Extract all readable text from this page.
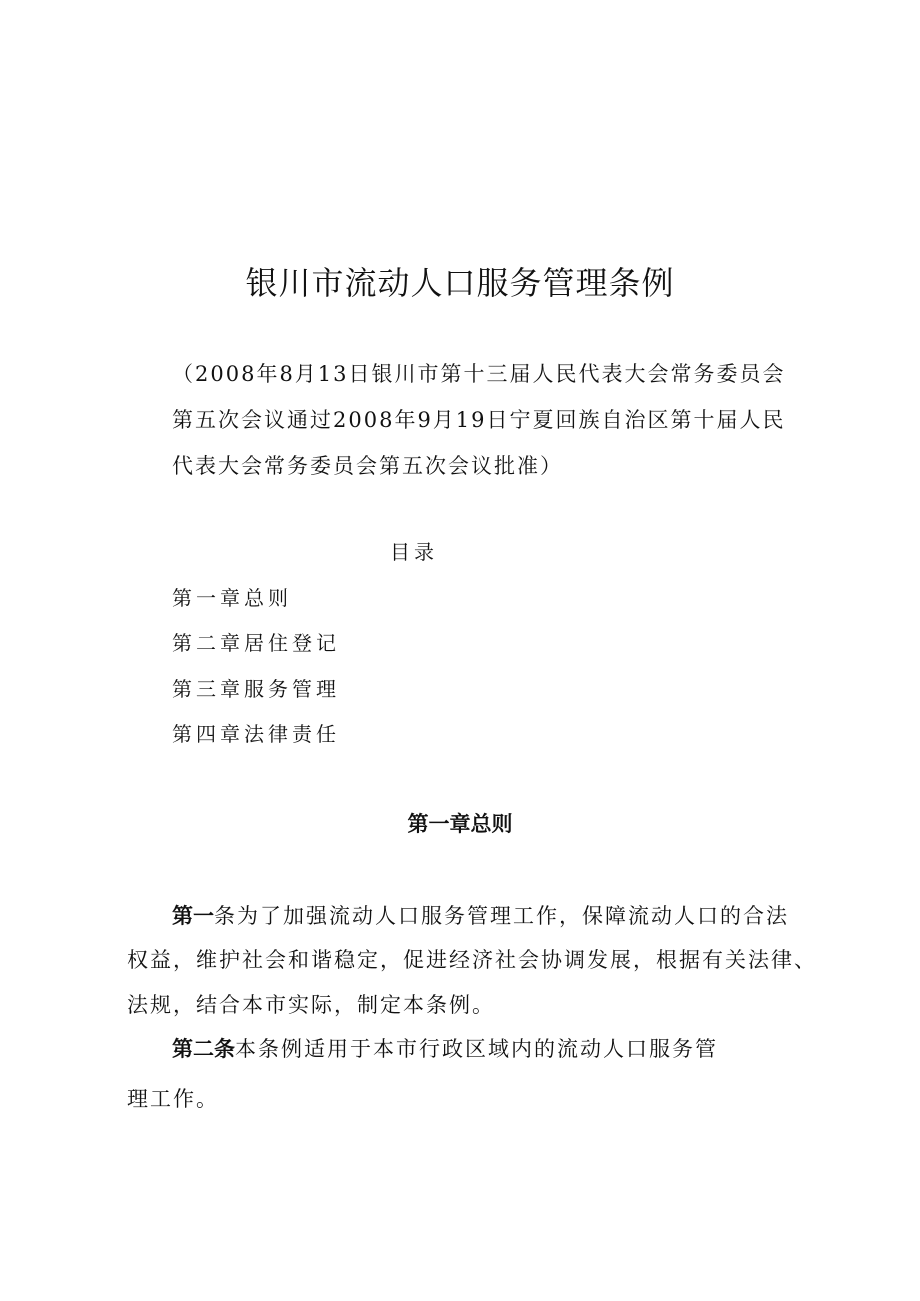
银川市流动人口服务管理条例
（2008年8月13日银川市第十三届人民代表大会常务委员会
第五次会议通过2008年9月19日宁夏回族自治区第十届人民
代表大会常务委员会第五次会议批准）
目录
第一章总则
第二章居住登记
第三章服务管理
第四章法律责任
第一章总则
第一条为了加强流动人口服务管理工作，保障流动人口的合法
权益，维护社会和谐稳定，促进经济社会协调发展，根据有关法律、
法规，结合本市实际，制定本条例。
第二条本条例适用于本市行政区域内的流动人口服务管
理工作。
